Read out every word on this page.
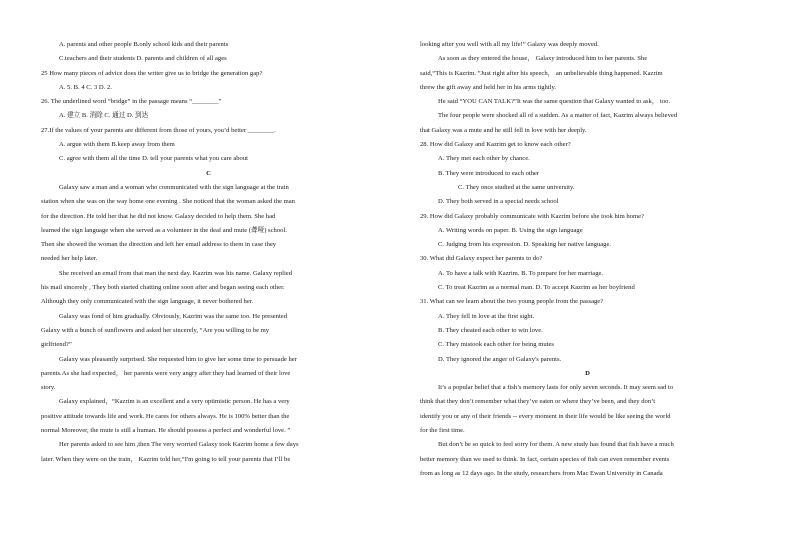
A. parents and other people B.only school kids and their parents
C.teachers and their students D. parents and children of all ages
25 How many pieces of advice does the writer give us to bridge the generation gap?
A. 5. B. 4 C. 3 D. 2.
26. The underlined word “bridge” in the passage means “________”
A. 建立 B. 消除 C. 通过 D. 到达
27.If the values of your parents are different from those of yours, you’d better ________.
A. argue with them B.keep away from them
C. agree with them all the time D. tell your parents what you care about
C
Galaxy saw a man and a woman who communicated with the sign language at the train
station when she was on the way home one evening . She noticed that the woman asked the man
for the direction. He told her that he did not know. Galaxy decided to help them. She had
learned the sign language when she served as a volunteer in the deaf and mute (聋哑) school.
Then she showed the woman the direction and left her email address to them in case they
needed her help later.
She received an email from that man the next day. Kazrim was his name. Galaxy replied
his mail sincerely , They both started chatting online soon after and began seeing each other.
Although they only communicated with the sign language, it never bothered her.
Galaxy was fond of him gradually. Obviously, Kazrim was the same too. He presented
Galaxy with a bunch of sunflowers and asked her sincerely, “Are you willing to be my
girlfriend?”
Galaxy was pleasantly surprised. She requested him to give her some time to persuade her
parents.As she had expected， her parents were very angry after they had learned of their love
story.
Galaxy explained，“Kazrim is an excellent and a very optimistic person. He has a very
positive attitude towards life and work. He cares for others always. He is 100% better than the
normal Moreover, the mute is still a human. He should possess a perfect and wonderful love. ”
Her parents asked to see him ,then The very worried Galaxy took Kazrim home a few days
later. When they were on the train， Kazrim told her,“I'm going to tell your parents that I’ll be
looking after you well with all my life!” Galaxy was deeply moved.
As soon as they entered the house， Galaxy introduced him to her parents. She
said,“This is Kazrim. ”Just right after his speech， an unbelievable thing happened. Kazrim
threw the gift away and held her in his arms tightly.
He said “YOU CAN TALK?”It was the same question that Galaxy wanted to ask， too.
The four people were shocked all of a sudden. As a matter of fact, Kazrim always believed
that Galaxy was a mute and he still fell in love with her deeply.
28. How did Galaxy and Kazrim get to know each other?
A. They met each other by chance.
B. They were introduced to each other
C. They once studied at the same university.
D. They both served in a special needs school
29. How did Galaxy probably communicate with Kazrim before she took him home?
A. Writing words on paper. B. Using the sign language
C. Judging from his expression. D. Speaking her native language.
30. What did Galaxy expect her parents to do?
A. To have a talk with Kazrim. B. To prepare for her marriage.
C. To treat Kazrim as a normal man. D. To accept Kazrim as her boyfriend
31. What can we learn about the two young people from the passage?
A. They fell in love at the first sight.
B. They cheated each other to win love.
C. They mistook each other for being mutes
D. They ignored the anger of Galaxy's parents.
D
It’s a popular belief that a fish’s memory lasts for only seven seconds. It may seem sad to
think that they don’t remember what they’ve eaten or where they’ve been, and they don’t
identify you or any of their friends -- every moment in their life would be like seeing the world
for the first time.
But don’t be so quick to feel sorry for them. A new study has found that fish have a much
better memory than we used to think. In fact, certain species of fish can even remember events
from as long as 12 days ago. In the study, researchers from Mac Ewan University in Canada
